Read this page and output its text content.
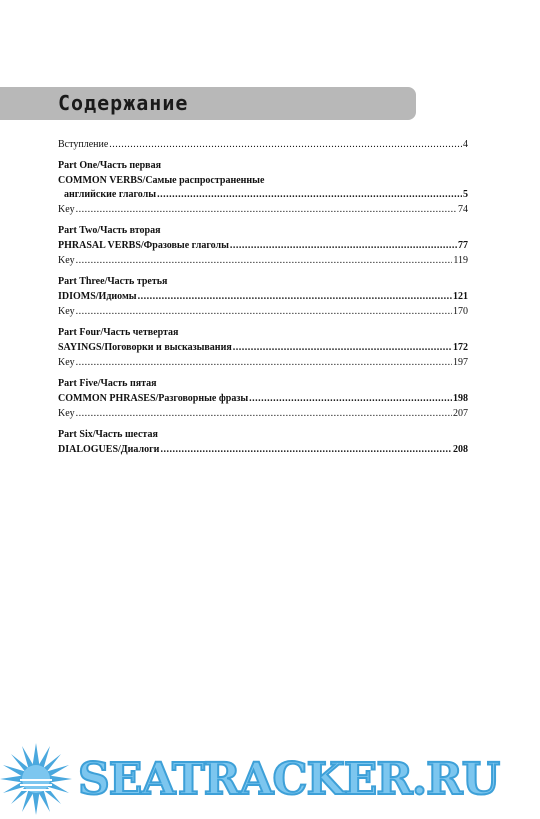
Содержание
Вступление .....	4
Part One/Часть первая
COMMON VERBS/Самые распространенные
английские глаголы .....	5
Key .....	74
Part Two/Часть вторая
PHRASAL VERBS/Фразовые глаголы .....	77
Key .....	119
Part Three/Часть третья
IDIOMS/Идиомы .....	121
Key .....	170
Part Four/Часть четвертая
SAYINGS/Поговорки и высказывания .....	172
Key .....	197
Part Five/Часть пятая
COMMON PHRASES/Разговорные фразы .....	198
Key .....	207
Part Six/Часть шестая
DIALOGUES/Диалоги .....	208
SEATRACKER.RU
